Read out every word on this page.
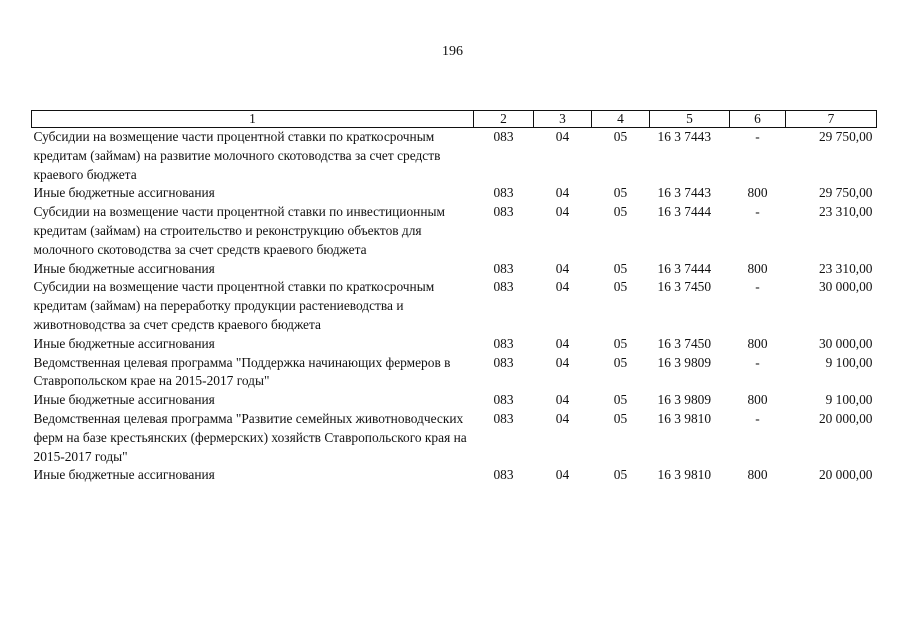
196
1	2	3	4	5	6	7
Субсидии на возмещение части процентной ставки по краткосрочным кредитам (займам) на развитие молочного скотоводства за счет средств краевого бюджета	083	04	05	16 3 7443	-	29 750,00
Иные бюджетные ассигнования	083	04	05	16 3 7443	800	29 750,00
Субсидии на возмещение части процентной ставки по инвестиционным кредитам (займам) на строительство и реконструкцию объектов для молочного скотоводства за счет средств краевого бюджета	083	04	05	16 3 7444	-	23 310,00
Иные бюджетные ассигнования	083	04	05	16 3 7444	800	23 310,00
Субсидии на возмещение части процентной ставки по краткосрочным кредитам (займам) на переработку продукции растениеводства и животноводства за счет средств краевого бюджета	083	04	05	16 3 7450	-	30 000,00
Иные бюджетные ассигнования	083	04	05	16 3 7450	800	30 000,00
Ведомственная целевая программа "Поддержка начинающих фермеров в Ставропольском крае на 2015-2017 годы"	083	04	05	16 3 9809	-	9 100,00
Иные бюджетные ассигнования	083	04	05	16 3 9809	800	9 100,00
Ведомственная целевая программа "Развитие семейных животноводческих ферм на базе крестьянских (фермерских) хозяйств Ставропольского края на 2015-2017 годы"	083	04	05	16 3 9810	-	20 000,00
Иные бюджетные ассигнования	083	04	05	16 3 9810	800	20 000,00
